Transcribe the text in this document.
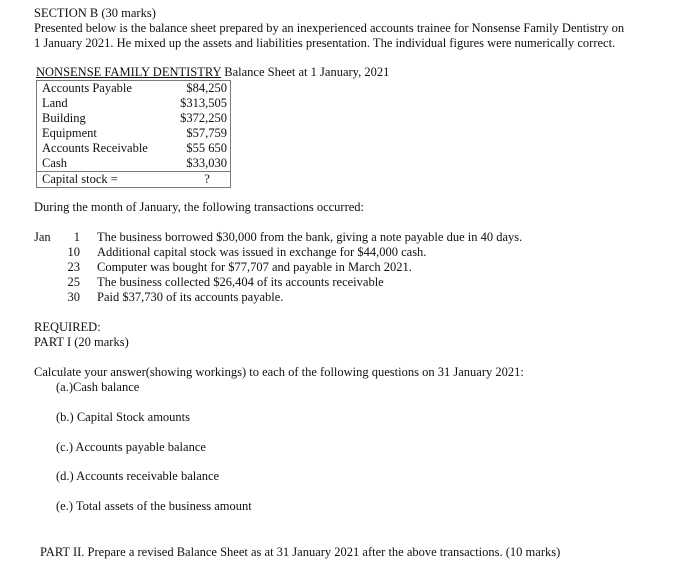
SECTION B (30 marks)
Presented below is the balance sheet prepared by an inexperienced accounts trainee for Nonsense Family Dentistry on
1 January 2021. He mixed up the assets and liabilities presentation. The individual figures were numerically correct.
NONSENSE FAMILY DENTISTRY Balance Sheet at 1 January, 2021
Accounts Payable	$84,250
Land	$313,505
Building	$372,250
Equipment	$57,759
Accounts Receivable	$55 650
Cash	$33,030
Capital stock =	?
During the month of January, the following transactions occurred:
Jan	1 The business borrowed $30,000 from the bank, giving a note payable due in 40 days.
10 Additional capital stock was issued in exchange for $44,000 cash.
23 Computer was bought for $77,707 and payable in March 2021.
25 The business collected $26,404 of its accounts receivable
30 Paid $37,730 of its accounts payable.
REQUIRED:
PART I (20 marks)
Calculate your answer(showing workings) to each of the following questions on 31 January 2021:
(a.)Cash balance
(b.) Capital Stock amounts
(c.) Accounts payable balance
(d.) Accounts receivable balance
(e.) Total assets of the business amount
PART II. Prepare a revised Balance Sheet as at 31 January 2021 after the above transactions. (10 marks)
